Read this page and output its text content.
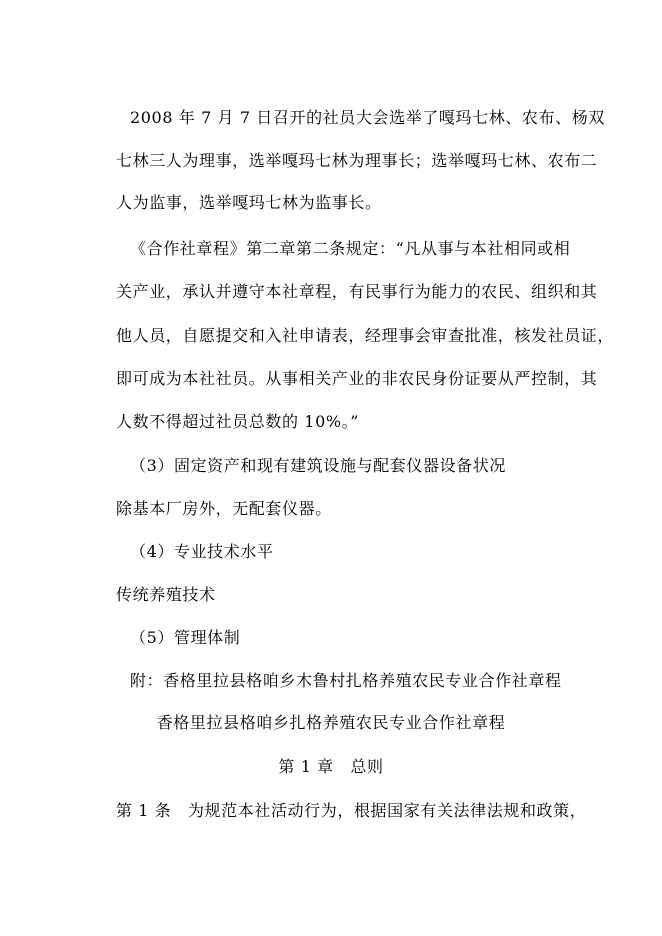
2008 年 7 月 7 日召开的社员大会选举了嘎玛七林、农布、杨双
七林三人为理事，选举嘎玛七林为理事长；选举嘎玛七林、农布二
人为监事，选举嘎玛七林为监事长。
《合作社章程》第二章第二条规定：“凡从事与本社相同或相
关产业，承认并遵守本社章程，有民事行为能力的农民、组织和其
他人员，自愿提交和入社申请表，经理事会审查批准，核发社员证，
即可成为本社社员。从事相关产业的非农民身份证要从严控制，其
人数不得超过社员总数的 10%。”
（3）固定资产和现有建筑设施与配套仪器设备状况
除基本厂房外，无配套仪器。
（4）专业技术水平
传统养殖技术
（5）管理体制
附：香格里拉县格咱乡木鲁村扎格养殖农民专业合作社章程
香格里拉县格咱乡扎格养殖农民专业合作社章程
第 1 章　总则
第 1 条　为规范本社活动行为，根据国家有关法律法规和政策，
